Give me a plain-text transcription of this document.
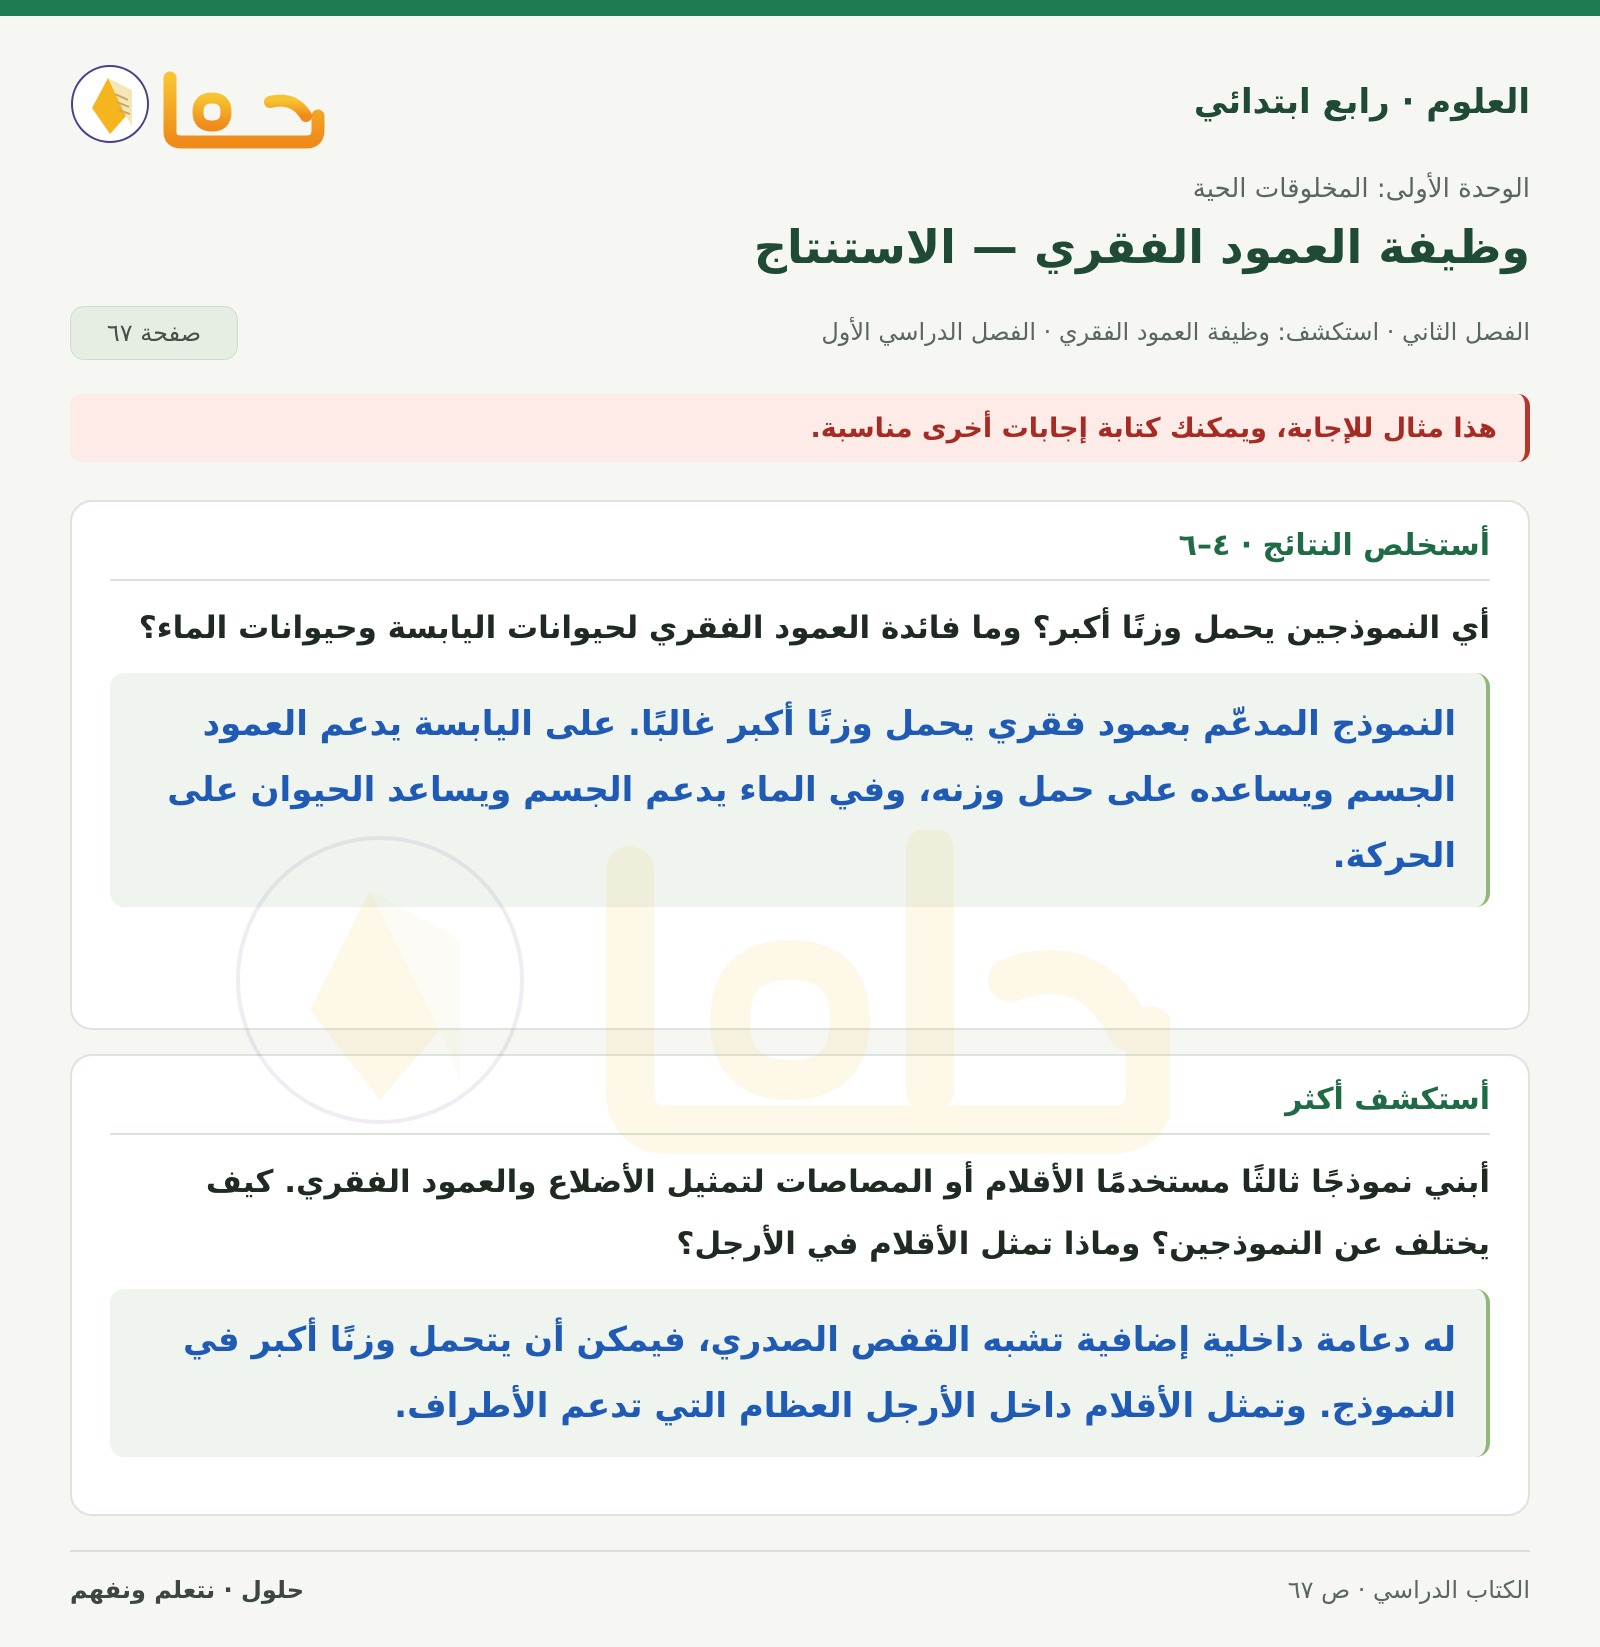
العلوم · رابع ابتدائي
الوحدة الأولى: المخلوقات الحية
وظيفة العمود الفقري — الاستنتاج
الفصل الثاني · استكشف: وظيفة العمود الفقري · الفصل الدراسي الأول
صفحة ٦٧
هذا مثال للإجابة، ويمكنك كتابة إجابات أخرى مناسبة.
أستخلص النتائج · ٤–٦
أي النموذجين يحمل وزنًا أكبر؟ وما فائدة العمود الفقري لحيوانات اليابسة وحيوانات الماء؟
النموذج المدعّم بعمود فقري يحمل وزنًا أكبر غالبًا. على اليابسة يدعم العمود الجسم ويساعده على حمل وزنه، وفي الماء يدعم الجسم ويساعد الحيوان على الحركة.
أستكشف أكثر
أبني نموذجًا ثالثًا مستخدمًا الأقلام أو المصاصات لتمثيل الأضلاع والعمود الفقري. كيف يختلف عن النموذجين؟ وماذا تمثل الأقلام في الأرجل؟
له دعامة داخلية إضافية تشبه القفص الصدري، فيمكن أن يتحمل وزنًا أكبر في النموذج. وتمثل الأقلام داخل الأرجل العظام التي تدعم الأطراف.
الكتاب الدراسي · ص ٦٧
حلول · نتعلم ونفهم
